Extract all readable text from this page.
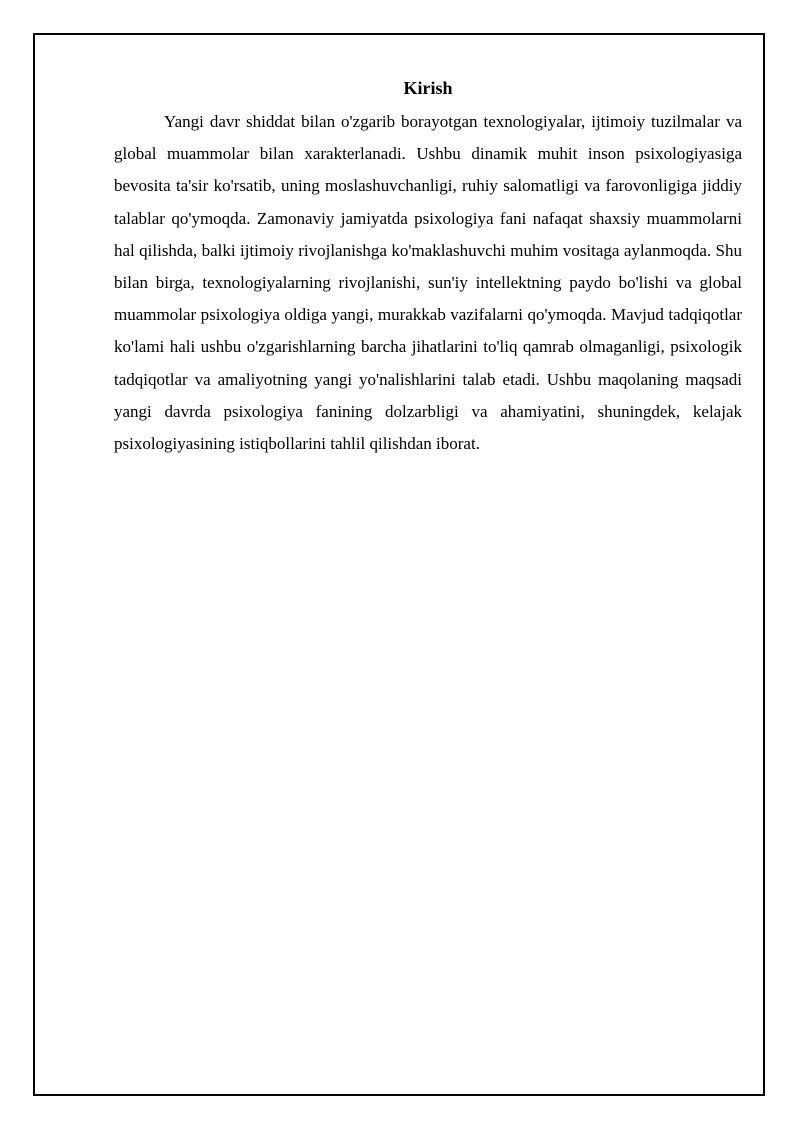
Kirish

Yangi davr shiddat bilan o'zgarib borayotgan texnologiyalar, ijtimoiy tuzilmalar va global muammolar bilan xarakterlanadi. Ushbu dinamik muhit inson psixologiyasiga bevosita ta'sir ko'rsatib, uning moslashuvchanligi, ruhiy salomatligi va farovonligiga jiddiy talablar qo'ymoqda. Zamonaviy jamiyatda psixologiya fani nafaqat shaxsiy muammolarni hal qilishda, balki ijtimoiy rivojlanishga ko'maklashuvchi muhim vositaga aylanmoqda. Shu bilan birga, texnologiyalarning rivojlanishi, sun'iy intellektning paydo bo'lishi va global muammolar psixologiya oldiga yangi, murakkab vazifalarni qo'ymoqda. Mavjud tadqiqotlar ko'lami hali ushbu o'zgarishlarning barcha jihatlarini to'liq qamrab olmaganligi, psixologik tadqiqotlar va amaliyotning yangi yo'nalishlarini talab etadi. Ushbu maqolaning maqsadi yangi davrda psixologiya fanining dolzarbligi va ahamiyatini, shuningdek, kelajak psixologiyasining istiqbollarini tahlil qilishdan iborat.
